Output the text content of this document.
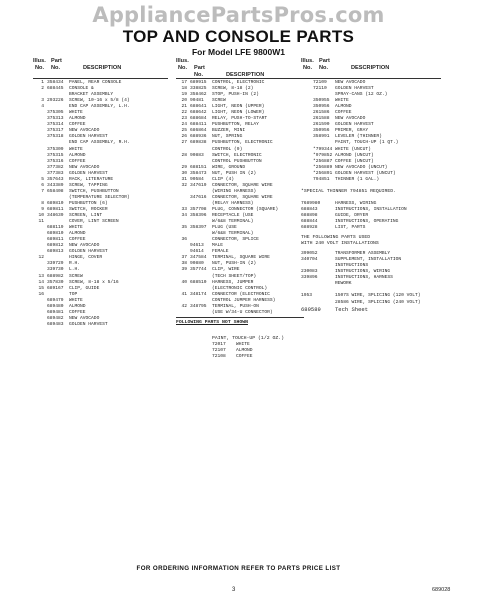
AppliancePartsPros.com
TOP AND CONSOLE PARTS
For Model LFE 9800W1
Illus.
No.
Part
No.	DESCRIPTION
1 358434 PANEL, REAR CONSOLE
2 688445 CONSOLE &
BRACKET ASSEMBLY
3 293226 SCREW, 10-16 x 5/8 (4)
4	END CAP ASSEMBLY, L.H.
375305 WHITE
375313 ALMOND
375314 COFFEE
375317 NEW AVOCADO
375318 GOLDEN HARVEST
END CAP ASSEMBLY, R.H.
375309 WHITE
375315 ALMOND
375316 COFFEE
377382 NEW AVOCADO
377383 GOLDEN HARVEST
5 357643 RACK, LITERATURE
6 343389 SCREW, TAPPING
7 658408 SWITCH, PUSHBUTTON
(TEMPERATURE SELECTOR)
8 689810 PUSHBUTTON (6)
9 689811 SWITCH, ROCKER
10 348639 SCREEN, LINT
11	COVER, LINT SCREEN
688119 WHITE
689810 ALMOND
689811 COFFEE
689812 NEW AVOCADO
689813 GOLDEN HARVEST
12	HINGE, COVER
339729 R.H.
339730 L.H.
13 688982 SCREW
14 357830 SCREW, 8-18 x 5/16
15 689167 CLIP, GUIDE
16	TOP
689479 WHITE
689480 ALMOND
689481 COFFEE
689482 NEW AVOCADO
689483 GOLDEN HARVEST
Illus.
No. Part
No.	DESCRIPTION
17 689915 CONTROL, ELECTRONIC
18 338825 SCREW, 8-18 (2)
19 358462 STOP, PUSH-IN (2)
20 90481 SCREW
21 688641 LIGHT, NEON (UPPER)
22 688642 LIGHT, NEON (LOWER)
23 688684 RELAY, PUSH-TO-START
24 688411 PUSHBUTTON, RELAY
25 686864 BUZZER, MINI
26 688936 NUT, SPRING
27 689838 PUSHBUTTON, ELECTRONIC
CONTROL (9)
28 90883 SWITCH, ELECTRONIC
CONTROL PUSHBUTTON
29 688151 WIRE, GROUND
30 358473 NUT, PUSH IN (2)
31 90584 CLIP (4)
32 347619 CONNECTOR, SQUARE WIRE
(WIRING HARNESS)
347616 CONNECTOR, SQUARE WIRE
(RELAY HARNESS)
33 357708 PLUG, CONNECTOR (SQUARE)
34 358396 RECEPTACLE (USE
W/6&8 TERMINAL)
35 358397 PLUG (USE
W/6&8 TERMINAL)
36	CONNECTOR, SPLICE
94613 MALE
94614 FEMALE
37 347584 TERMINAL, SQUARE WIRE
38 90880 NUT, PUSH-IN (2)
39 357744 CLIP, WIRE
(TECH SHEET/TOP)
40 688510 HARNESS, JUMPER
(ELECTRONIC CONTROL)
41 348174 CONNECTOR (ELECTRONIC
CONTROL JUMPER HARNESS)
42 348795 TERMINAL, PUSH-ON
(USE W/34-U CONNECTOR)
FOLLOWING PARTS NOT SHOWN
PAINT, TOUCH-UP (1/2 OZ.)
72017 WHITE
72107 ALMOND
72108 COFFEE
Illus.
No.
Part
No.	DESCRIPTION
72109 NEW AVOCADO
72110 GOLDEN HARVEST
SPRAY-CANS (12 OZ.)
350955 WHITE
350956 ALMOND
261586 COFFEE
261588 NEW AVOCADO
261590 GOLDEN HARVEST
350956 PRIMER, GRAY
358991 LEVELER (THINNER)
PAINT, TOUCH-UP (1 QT.)
*799344 WHITE (UNCUT)
*979852 ALMOND (UNCUT)
*256887 COFFEE (UNCUT)
*256889 NEW AVOCADO (UNCUT)
*256891 GOLDEN HARVEST (UNCUT)
794851 THINNER (1 GAL.)
*SPECIAL THINNER 794851 REQUIRED.
7689980	HARNESS, WIRING
688843	INSTRUCTIONS, INSTALLATION
688898	GUIDE, DRYER
688844	INSTRUCTIONS, OPERATING
688928	LIST, PARTS
THE FOLLOWING PARTS USED
WITH 240 VOLT INSTALLATIONS
399052	TRANSFORMER ASSEMBLY
340704	SUPPLEMENT, INSTALLATION
INSTRUCTIONS
230083	INSTRUCTIONS, WIRING
339896	INSTRUCTIONS, HARNESS
REWORK
1953	1507S WIRE, SPLICING (120 VOLT)
28586 WIRE, SPLICING (240 VOLT)
689589	Tech Sheet
FOR ORDERING INFORMATION REFER TO PARTS PRICE LIST
3	689028
